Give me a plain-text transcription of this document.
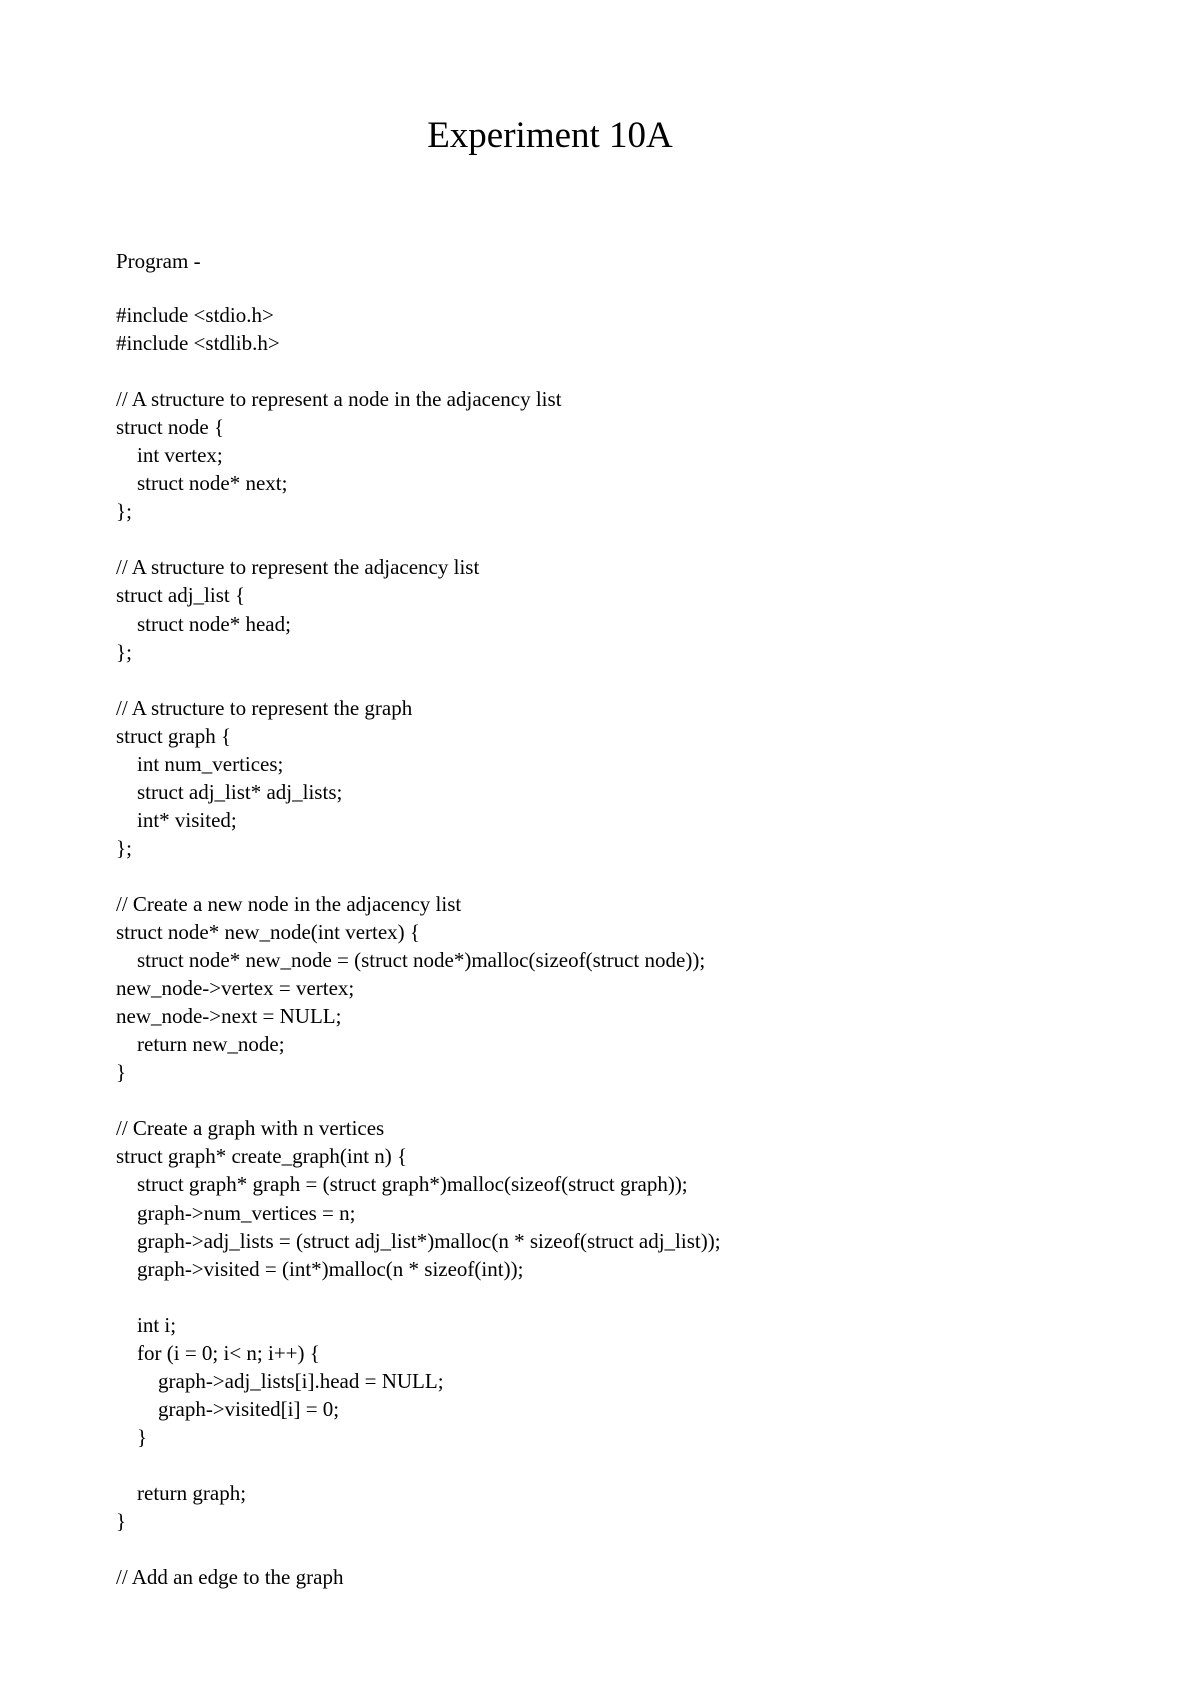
Experiment 10A
Program -
#include <stdio.h>
#include <stdlib.h>
// A structure to represent a node in the adjacency list
struct node {
int vertex;
struct node* next;
};
// A structure to represent the adjacency list
struct adj_list {
struct node* head;
};
// A structure to represent the graph
struct graph {
int num_vertices;
struct adj_list* adj_lists;
int* visited;
};
// Create a new node in the adjacency list
struct node* new_node(int vertex) {
struct node* new_node = (struct node*)malloc(sizeof(struct node));
new_node->vertex = vertex;
new_node->next = NULL;
return new_node;
}
// Create a graph with n vertices
struct graph* create_graph(int n) {
struct graph* graph = (struct graph*)malloc(sizeof(struct graph));
graph->num_vertices = n;
graph->adj_lists = (struct adj_list*)malloc(n * sizeof(struct adj_list));
graph->visited = (int*)malloc(n * sizeof(int));
int i;
for (i = 0; i< n; i++) {
graph->adj_lists[i].head = NULL;
graph->visited[i] = 0;
}
return graph;
}
// Add an edge to the graph
